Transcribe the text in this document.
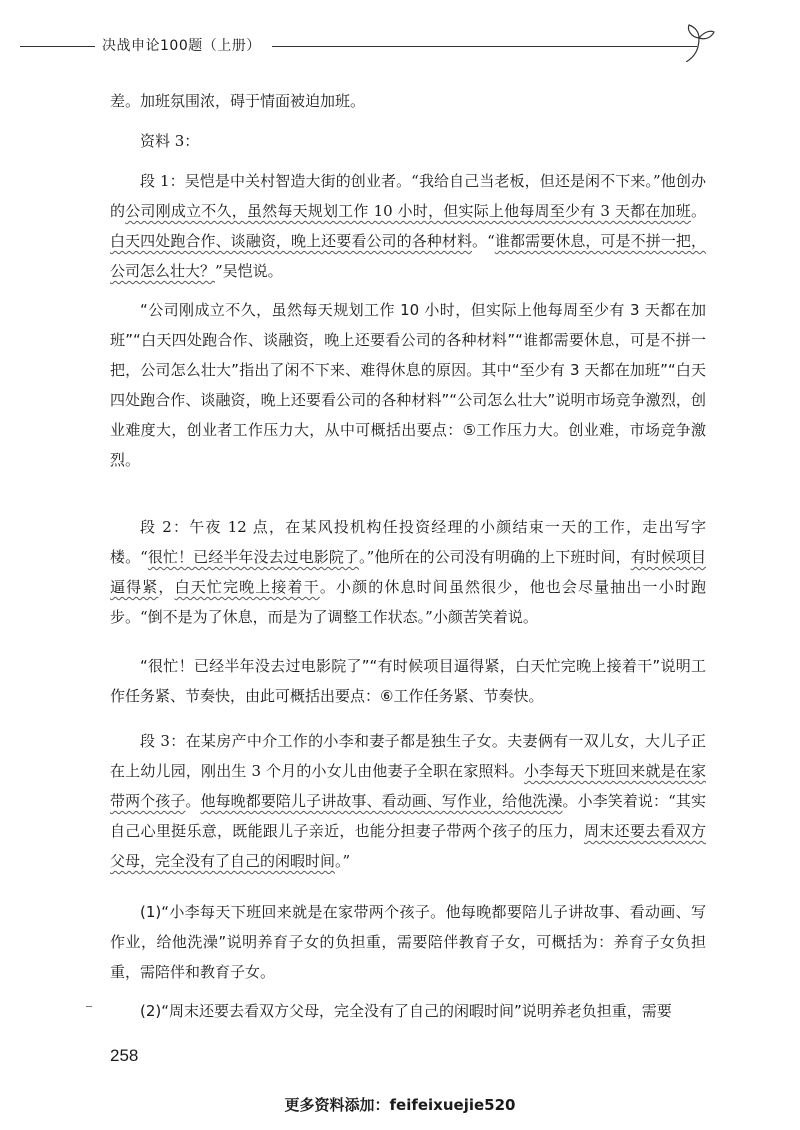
决战申论100题（上册）

差。加班氛围浓，碍于情面被迫加班。

资料 3：

段 1：吴恺是中关村智造大街的创业者。“我给自己当老板，但还是闲不下来。”他创办的公司刚成立不久，虽然每天规划工作 10 小时，但实际上他每周至少有 3 天都在加班。白天四处跑合作、谈融资，晚上还要看公司的各种材料。“谁都需要休息，可是不拼一把，公司怎么壮大？”吴恺说。

“公司刚成立不久，虽然每天规划工作 10 小时，但实际上他每周至少有 3 天都在加班”“白天四处跑合作、谈融资，晚上还要看公司的各种材料”“谁都需要休息，可是不拼一把，公司怎么壮大”指出了闲不下来、难得休息的原因。其中“至少有 3 天都在加班”“白天四处跑合作、谈融资，晚上还要看公司的各种材料”“公司怎么壮大”说明市场竞争激烈，创业难度大，创业者工作压力大，从中可概括出要点：⑤工作压力大。创业难，市场竞争激烈。

段 2：午夜 12 点，在某风投机构任投资经理的小颜结束一天的工作，走出写字楼。“很忙！已经半年没去过电影院了。”他所在的公司没有明确的上下班时间，有时候项目逼得紧，白天忙完晚上接着干。小颜的休息时间虽然很少，他也会尽量抽出一小时跑步。“倒不是为了休息，而是为了调整工作状态。”小颜苦笑着说。

“很忙！已经半年没去过电影院了”“有时候项目逼得紧，白天忙完晚上接着干”说明工作任务紧、节奏快，由此可概括出要点：⑥工作任务紧、节奏快。

段 3：在某房产中介工作的小李和妻子都是独生子女。夫妻俩有一双儿女，大儿子正在上幼儿园，刚出生 3 个月的小女儿由他妻子全职在家照料。小李每天下班回来就是在家带两个孩子。他每晚都要陪儿子讲故事、看动画、写作业，给他洗澡。小李笑着说：“其实自己心里挺乐意，既能跟儿子亲近，也能分担妻子带两个孩子的压力，周末还要去看双方父母，完全没有了自己的闲暇时间。”

(1)“小李每天下班回来就是在家带两个孩子。他每晚都要陪儿子讲故事、看动画、写作业，给他洗澡”说明养育子女的负担重，需要陪伴教育子女，可概括为：养育子女负担重，需陪伴和教育子女。

(2)“周末还要去看双方父母，完全没有了自己的闲暇时间”说明养老负担重，需要

258
更多资料添加：feifeixuejie520
